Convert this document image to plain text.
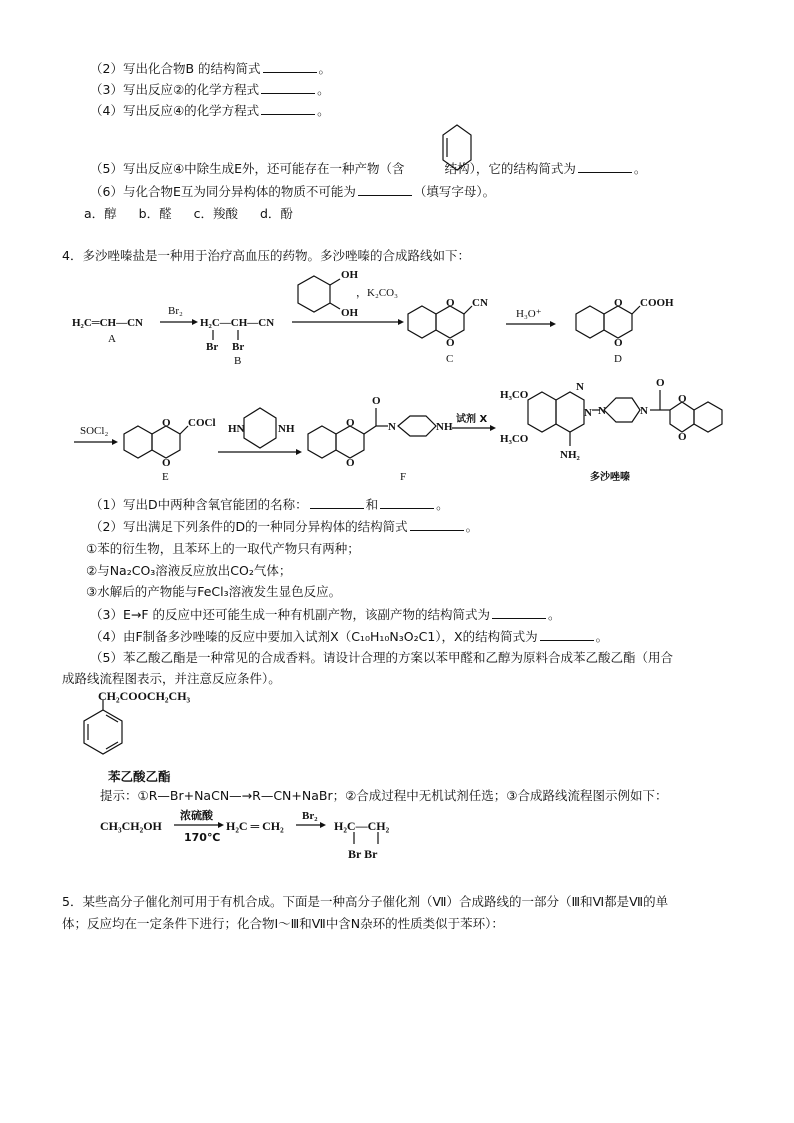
（2）写出化合物B 的结构简式	。
（3）写出反应②的化学方程式	。
（4）写出反应④的化学方程式	。
（5）写出反应④中除生成E外，还可能存在一种产物（含	结构），它的结构简式为	。
（6）与化合物E互为同分异构体的物质不可能为	（填写字母）。
a．醇 b．醛 c．羧酸 d．酚
4．多沙唑嗪盐是一种用于治疗高血压的药物。多沙唑嗪的合成路线如下：
H₂C═CH—CN
A
Br₂
H₂C—CH—CN
Br Br
B
OH
OH
，K₂CO₃
O
O
CN
C
H₃O⁺
O
O
COOH
D
SOCl₂
O
O
COCl
E
HN	NH	O
O
O
N	NH
F
试剂 X
H₃CO
H₃CO
N
N
NH₂
N	N
O
O
O
多沙唑嗪
（1）写出D中两种含氧官能团的名称：	和	。
（2）写出满足下列条件的D的一种同分异构体的结构简式	。
①苯的衍生物，且苯环上的一取代产物只有两种；
②与Na₂CO₃溶液反应放出CO₂气体；
③水解后的产物能与FeCl₃溶液发生显色反应。
（3）E→F 的反应中还可能生成一种有机副产物，该副产物的结构简式为	。
（4）由F制备多沙唑嗪的反应中要加入试剂X（C₁₀H₁₀N₃O₂C1），X的结构简式为	。
（5）苯乙酸乙酯是一种常见的合成香料。请设计合理的方案以苯甲醛和乙醇为原料合成苯乙酸乙酯（用合
成路线流程图表示，并注意反应条件）。
CH₂COOCH₂CH₃
苯乙酸乙酯
提示：①R—Br+NaCN—→R—CN+NaBr；②合成过程中无机试剂任选；③合成路线流程图示例如下：
CH₃CH₂OH
浓硫酸
170℃
H₂C ═ CH₂
Br₂
H₂C—CH₂
Br Br
5．某些高分子催化剂可用于有机合成。下面是一种高分子催化剂（Ⅶ）合成路线的一部分（Ⅲ和Ⅵ都是Ⅶ的单
体；反应均在一定条件下进行；化合物Ⅰ～Ⅲ和Ⅶ中含N杂环的性质类似于苯环）：
